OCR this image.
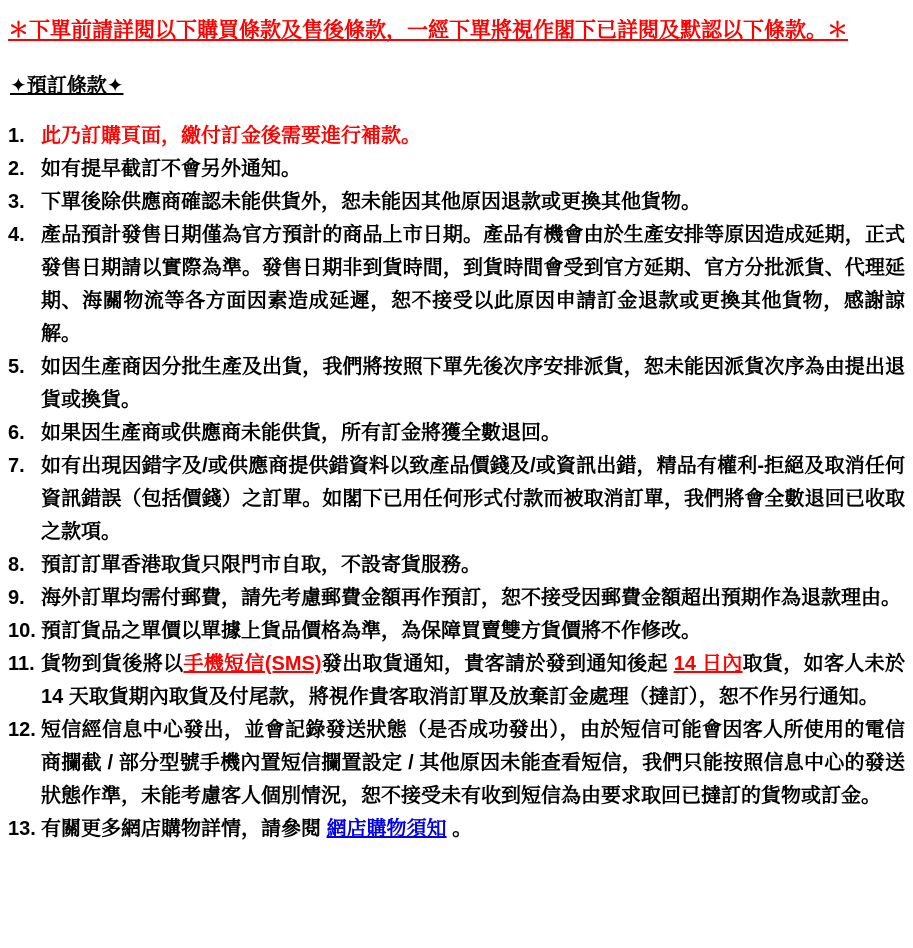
＊下單前請詳閱以下購買條款及售後條款，一經下單將視作閣下已詳閱及默認以下條款。＊
✦預訂條款✦
1. 此乃訂購頁面，繳付訂金後需要進行補款。
2. 如有提早截訂不會另外通知。
3. 下單後除供應商確認未能供貨外，恕未能因其他原因退款或更換其他貨物。
4. 產品預計發售日期僅為官方預計的商品上市日期。產品有機會由於生產安排等原因造成延期，正式發售日期請以實際為準。發售日期非到貨時間，到貨時間會受到官方延期、官方分批派貨、代理延期、海關物流等各方面因素造成延遲，恕不接受以此原因申請訂金退款或更換其他貨物，感謝諒解。
5. 如因生產商因分批生產及出貨，我們將按照下單先後次序安排派貨，恕未能因派貨次序為由提出退貨或換貨。
6. 如果因生產商或供應商未能供貨，所有訂金將獲全數退回。
7. 如有出現因錯字及/或供應商提供錯資料以致產品價錢及/或資訊出錯，精品有權利-拒絕及取消任何資訊錯誤（包括價錢）之訂單。如閣下已用任何形式付款而被取消訂單，我們將會全數退回已收取之款項。
8. 預訂訂單香港取貨只限門市自取，不設寄貨服務。
9. 海外訂單均需付郵費，請先考慮郵費金額再作預訂，恕不接受因郵費金額超出預期作為退款理由。
10. 預訂貨品之單價以單據上貨品價格為準，為保障買賣雙方貨價將不作修改。
11. 貨物到貨後將以手機短信(SMS)發出取貨通知，貴客請於發到通知後起 14 日內取貨，如客人未於 14 天取貨期內取貨及付尾款，將視作貴客取消訂單及放棄訂金處理（撻訂），恕不作另行通知。
12. 短信經信息中心發出，並會記錄發送狀態（是否成功發出），由於短信可能會因客人所使用的電信商攔截 / 部分型號手機內置短信攔置設定 / 其他原因未能查看短信，我們只能按照信息中心的發送狀態作準，未能考慮客人個別情況，恕不接受未有收到短信為由要求取回已撻訂的貨物或訂金。
13. 有關更多網店購物詳情，請參閱 網店購物須知 。
